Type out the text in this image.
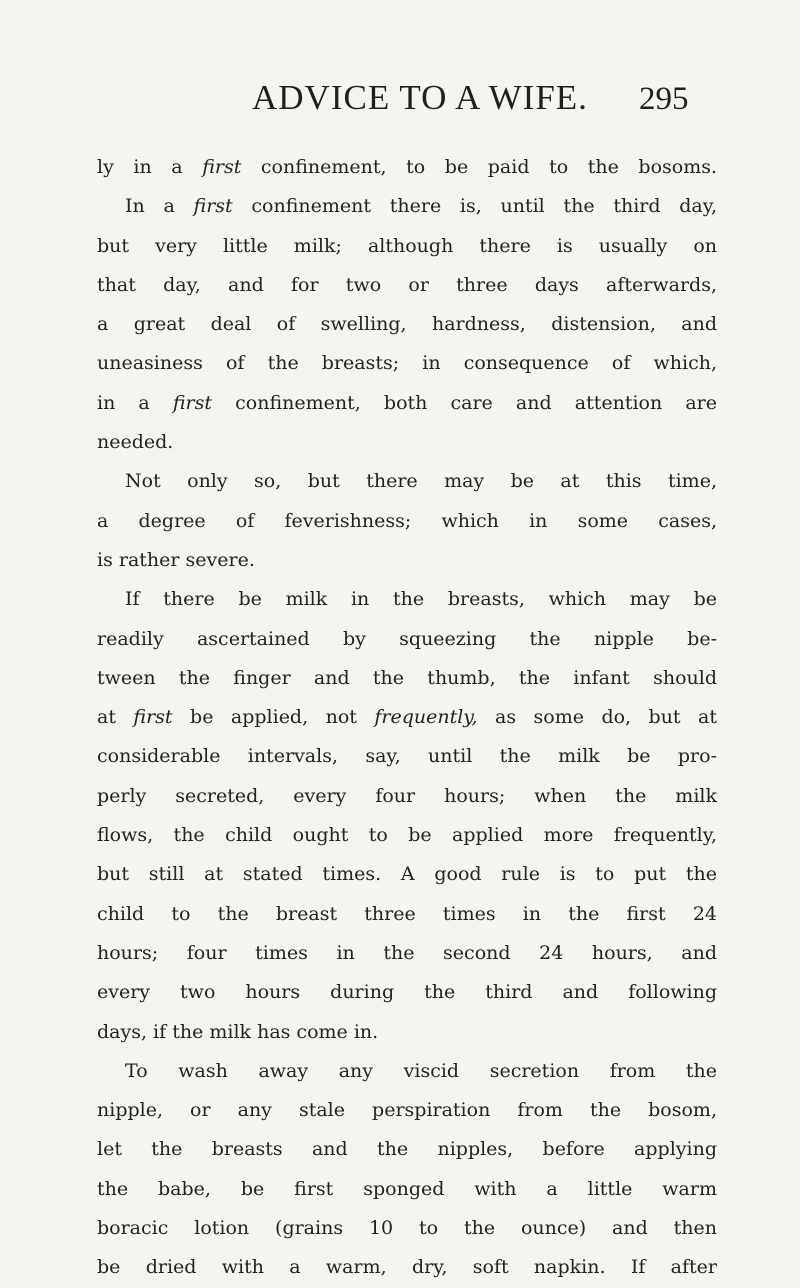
ADVICE TO A WIFE. 295
ly in a first confinement, to be paid to the bosoms.
In a first confinement there is, until the third day,
but very little milk; although there is usually on
that day, and for two or three days afterwards,
a great deal of swelling, hardness, distension, and
uneasiness of the breasts; in consequence of which,
in a first confinement, both care and attention are
needed.
Not only so, but there may be at this time,
a degree of feverishness; which in some cases,
is rather severe.
If there be milk in the breasts, which may be
readily ascertained by squeezing the nipple be-
tween the finger and the thumb, the infant should
at first be applied, not frequently, as some do, but at
considerable intervals, say, until the milk be pro-
perly secreted, every four hours; when the milk
flows, the child ought to be applied more frequently,
but still at stated times. A good rule is to put the
child to the breast three times in the first 24
hours; four times in the second 24 hours, and
every two hours during the third and following
days, if the milk has come in.
To wash away any viscid secretion from the
nipple, or any stale perspiration from the bosom,
let the breasts and the nipples, before applying
the babe, be first sponged with a little warm
boracic lotion (grains 10 to the ounce) and then
be dried with a warm, dry, soft napkin. If after
